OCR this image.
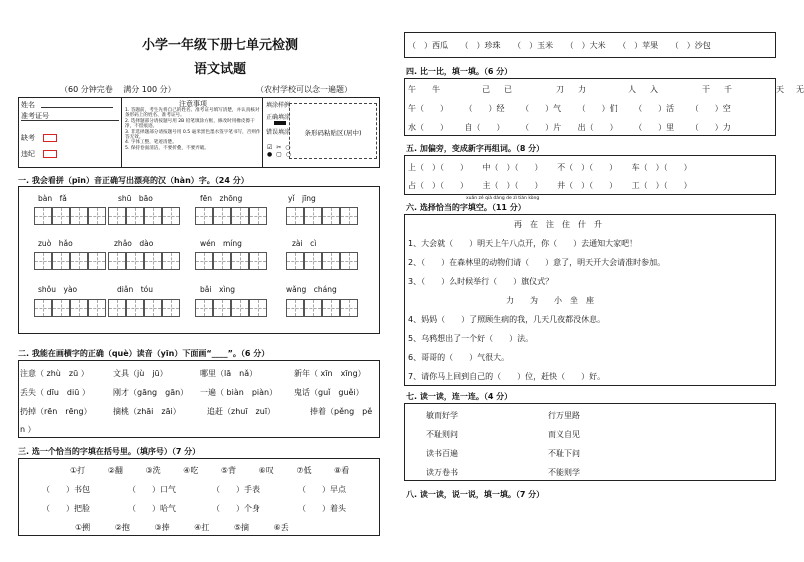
小学一年级下册七单元检测
语文试题
（60 分钟完卷　 满分 100 分）	（农村学校可以念一遍题）
姓名
准考证号
缺考
违纪
注意事项
1. 答题前，考生先将自己的姓名、准考证号填写清楚，并认真核对条形码上的姓名、准考证号。
2. 选择题部分请按题号用 2B 铅笔填涂方框，修改时用橡皮擦干净，不留痕迹。
3. 非选择题部分请按题号用 0.5 毫米黑色墨水签字笔书写，否则作答无效。
4. 字体工整，笔迹清楚。
5. 保持卷面清洁，不要折叠，不要弄破。
填涂样例
正确填涂
错误填涂
☑ ✂ ○
● ▢ ○
条形码粘贴区(居中)
一. 我会看拼（pīn）音正确写出漂亮的汉（hàn）字。（24 分）
bàn　fǎ	shū　bāo	fēn　zhōng	yǐ　jīng
zuò　hǎo	zhǎo　dào	wén　míng	zài　cì
shǒu　yào	diǎn　tóu	bǎi　xìng	wǎng　cháng
二. 我能在画横字的正确（què）读音（yīn）下面画“____”。（6 分）
注意（ zhù　zū ）	文具（jù　jū）	哪里（lā　nǎ）	新年（ xīn　xīng）
丢失（ dīu　diū ）	刚才（gāng　gān） 一遍（ biàn　piàn） 鬼话（guǐ　guěi）
扔掉（rēn　rēng）	摘桃（zhāi　zāi）	追赶（zhuī　zuī）	捧着（pěng　pě
n ）
三. 选一个恰当的字填在括号里。（填序号）（7 分）
①打	②翻	③洗	④吃	⑤背	⑥叹	⑦低	⑧看
（　　）书包	（　　）口气	（　　）手表	（　　）早点
（　　）把脸	（　　）哈气	（　　）个身	（　　）着头
①搠	②抱	③捧	④扛	⑤摘	⑥丢
（　）西瓜 （　）珍珠 （　）玉米 （　）大米 （　）苹果 （　）沙包
四. 比一比，填一填。（6 分）
午 牛	己 已	刀 力	人 入	干 千	天 无
午（　　） （　　）经 （　　）气 （　　）们 （　　）活 （　　）空
水（　　） 自（　　） （　　）片 出（　　） （　　）里 （　　）力
五. 加偏旁，变成新字再组词。（8 分）
上（　）（　　） 中（　）（　　） 不（　）（　　） 车（　）（　　）
占（　）（　　） 主（　）（　　） 井（　）（　　） 工（　）（　　）
xuǎn zé qià dàng de zì tián kòng
六. 选择恰当的字填空。（11 分）
再　在　注　住　什　升
1、大会就（　　）明天上午八点开，你（　　）去通知大家吧！
2、（　　）在森林里的动物们请（　　）意了，明天开大会请准时参加。
3、（　　）么时候举行（　　）旗仪式？
力　　为　　小　坐　座
4、妈妈（　　）了照顾生病的我，几天几夜都没休息。
5、乌鸦想出了一个好（　　）法。
6、哥哥的（　　）气很大。
7、请你马上回到自己的（　　）位，赶快（　　）好。
七. 读一读，连一连。（4 分）
敏而好学
不耻则问
读书百遍
读万卷书
行万里路
而义自见
不耻下问
不能则学
八. 读一读，说一说，填一填。（7 分）
